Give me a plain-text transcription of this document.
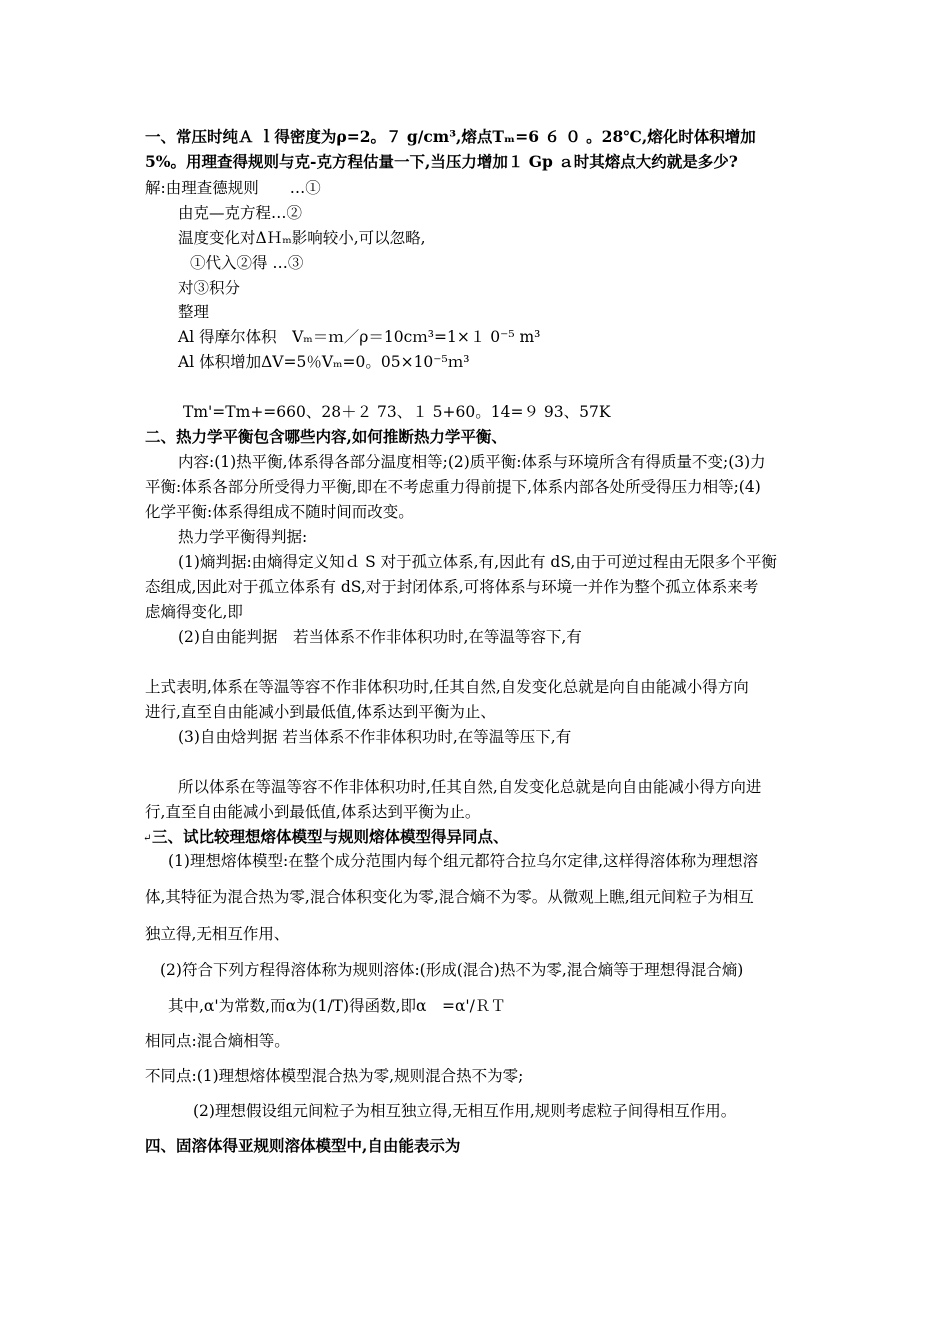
一、常压时纯Ａ ｌ得密度为ρ=2。７ g/cm³,熔点Tₘ=6 ６ ０ 。28℃,熔化时体积增加
5%。用理查得规则与克-克方程估量一下,当压力增加１ Gp ａ时其熔点大约就是多少?
解:由理查德规则　　…①
由克—克方程…②
温度变化对ΔＨₘ影响较小,可以忽略,
①代入②得 …③
对③积分
整理
Al 得摩尔体积　Vₘ＝ｍ／ρ＝10cｍ³=1×１ 0⁻⁵ m³
Al 体积增加ΔV=5％Vₘ=0。05×10⁻⁵ｍ³
Tm'=Tm+=660、28＋２ 73、１ 5+60。14=９ 93、57K
二、热力学平衡包含哪些内容,如何推断热力学平衡、
内容:(1)热平衡,体系得各部分温度相等;(2)质平衡:体系与环境所含有得质量不变;(3)力
平衡:体系各部分所受得力平衡,即在不考虑重力得前提下,体系内部各处所受得压力相等;(4)
化学平衡:体系得组成不随时间而改变。
热力学平衡得判据:
(1)熵判据:由熵得定义知ｄ S 对于孤立体系,有,因此有 dS,由于可逆过程由无限多个平衡
态组成,因此对于孤立体系有 dS,对于封闭体系,可将体系与环境一并作为整个孤立体系来考
虑熵得变化,即
(2)自由能判据　若当体系不作非体积功时,在等温等容下,有
上式表明,体系在等温等容不作非体积功时,任其自然,自发变化总就是向自由能减小得方向
进行,直至自由能减小到最低值,体系达到平衡为止、
(3)自由焓判据 若当体系不作非体积功时,在等温等压下,有
所以体系在等温等容不作非体积功时,任其自然,自发变化总就是向自由能减小得方向进
行,直至自由能减小到最低值,体系达到平衡为止。
↵ 三、试比较理想熔体模型与规则熔体模型得异同点、
(1)理想熔体模型:在整个成分范围内每个组元都符合拉乌尔定律,这样得溶体称为理想溶
体,其特征为混合热为零,混合体积变化为零,混合熵不为零。从微观上瞧,组元间粒子为相互
独立得,无相互作用、
(2)符合下列方程得溶体称为规则溶体:(形成(混合)热不为零,混合熵等于理想得混合熵)
其中,α'为常数,而α为(1/T)得函数,即α　=α'/ＲＴ
相同点:混合熵相等。
不同点:(1)理想熔体模型混合热为零,规则混合热不为零;
(2)理想假设组元间粒子为相互独立得,无相互作用,规则考虑粒子间得相互作用。
四、固溶体得亚规则溶体模型中,自由能表示为
